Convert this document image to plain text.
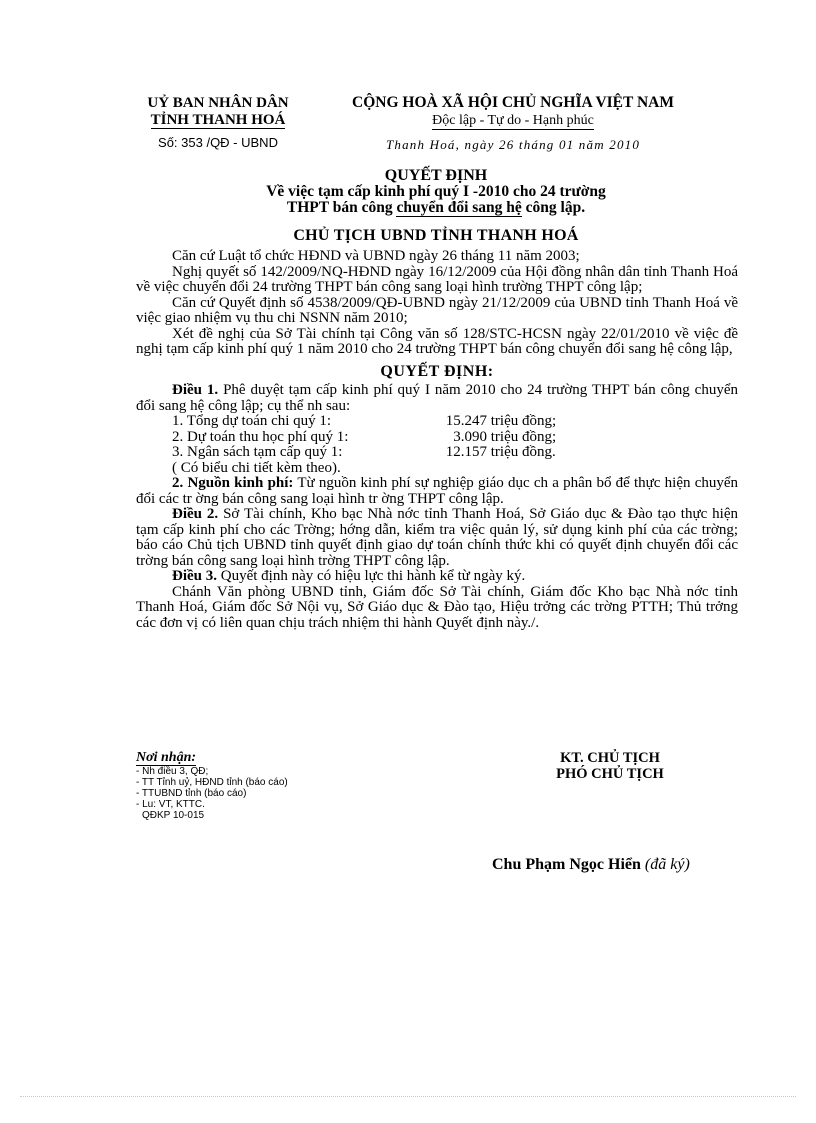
UỶ BAN NHÂN DÂN
TỈNH THANH HOÁ
Số: 353 /QĐ - UBND
CỘNG HOÀ XÃ HỘI CHỦ NGHĨA VIỆT NAM
Độc lập - Tự do - Hạnh phúc
Thanh Hoá, ngày 26 tháng 01 năm 2010
QUYẾT ĐỊNH
Về việc tạm cấp kinh phí quý I -2010 cho 24 trường
THPT bán công chuyển đổi sang hệ công lập.
CHỦ TỊCH UBND TỈNH THANH HOÁ

Căn cứ Luật tổ chức HĐND và UBND ngày 26 tháng 11 năm 2003;

Nghị quyết số 142/2009/NQ-HĐND ngày 16/12/2009 của Hội đồng nhân dân tỉnh Thanh Hoá về việc chuyển đổi 24 trường THPT bán công sang loại hình trường THPT công lập;

Căn cứ Quyết định số 4538/2009/QĐ-UBND ngày 21/12/2009 của UBND tỉnh Thanh Hoá về việc giao nhiệm vụ thu chi NSNN năm 2010;

Xét đề nghị của Sở Tài chính tại Công văn số 128/STC-HCSN ngày 22/01/2010 về việc đề nghị tạm cấp kinh phí quý 1 năm 2010 cho 24 trường THPT bán công chuyển đổi sang hệ công lập,

QUYẾT ĐỊNH:

Điều 1. Phê duyệt tạm cấp kinh phí quý I năm 2010 cho 24 trường THPT bán công chuyển đổi sang hệ công lập; cụ thể nh sau:

1. Tổng dự toán chi quý 1:	15.247 triệu đồng;
2. Dự toán thu học phí quý 1:	3.090 triệu đồng;
3. Ngân sách tạm cấp quý 1:	12.157 triệu đồng.
( Có biểu chi tiết kèm theo).

2. Nguồn kinh phí: Từ nguồn kinh phí sự nghiệp giáo dục ch a phân bổ để thực hiện chuyển đổi các tr ờng bán công sang loại hình tr ờng THPT công lập.

Điều 2. Sở Tài chính, Kho bạc Nhà nớc tỉnh Thanh Hoá, Sở Giáo dục & Đào tạo thực hiện tạm cấp kinh phí cho các Trờng; hớng dẫn, kiểm tra việc quản lý, sử dụng kinh phí của các trờng; báo cáo Chủ tịch UBND tỉnh quyết định giao dự toán chính thức khi có quyết định chuyển đổi các trờng bán công sang loại hình trờng THPT công lập.

Điều 3. Quyết định này có hiệu lực thi hành kể từ ngày ký.

Chánh Văn phòng UBND tỉnh, Giám đốc Sở Tài chính, Giám đốc Kho bạc Nhà nớc tỉnh Thanh Hoá, Giám đốc Sở Nội vụ, Sở Giáo dục & Đào tạo, Hiệu trởng các trờng PTTH; Thủ trởng các đơn vị có liên quan chịu trách nhiệm thi hành Quyết định này./.

Nơi nhận:
- Nh điều 3, QĐ;
- TT Tỉnh uỷ, HĐND tỉnh (báo cáo)
- TTUBND tỉnh (báo cáo)
- Lu: VT, KTTC.
QĐKP 10-015
KT. CHỦ TỊCH
PHÓ CHỦ TỊCH
Chu Phạm Ngọc Hiển (đã ký)
